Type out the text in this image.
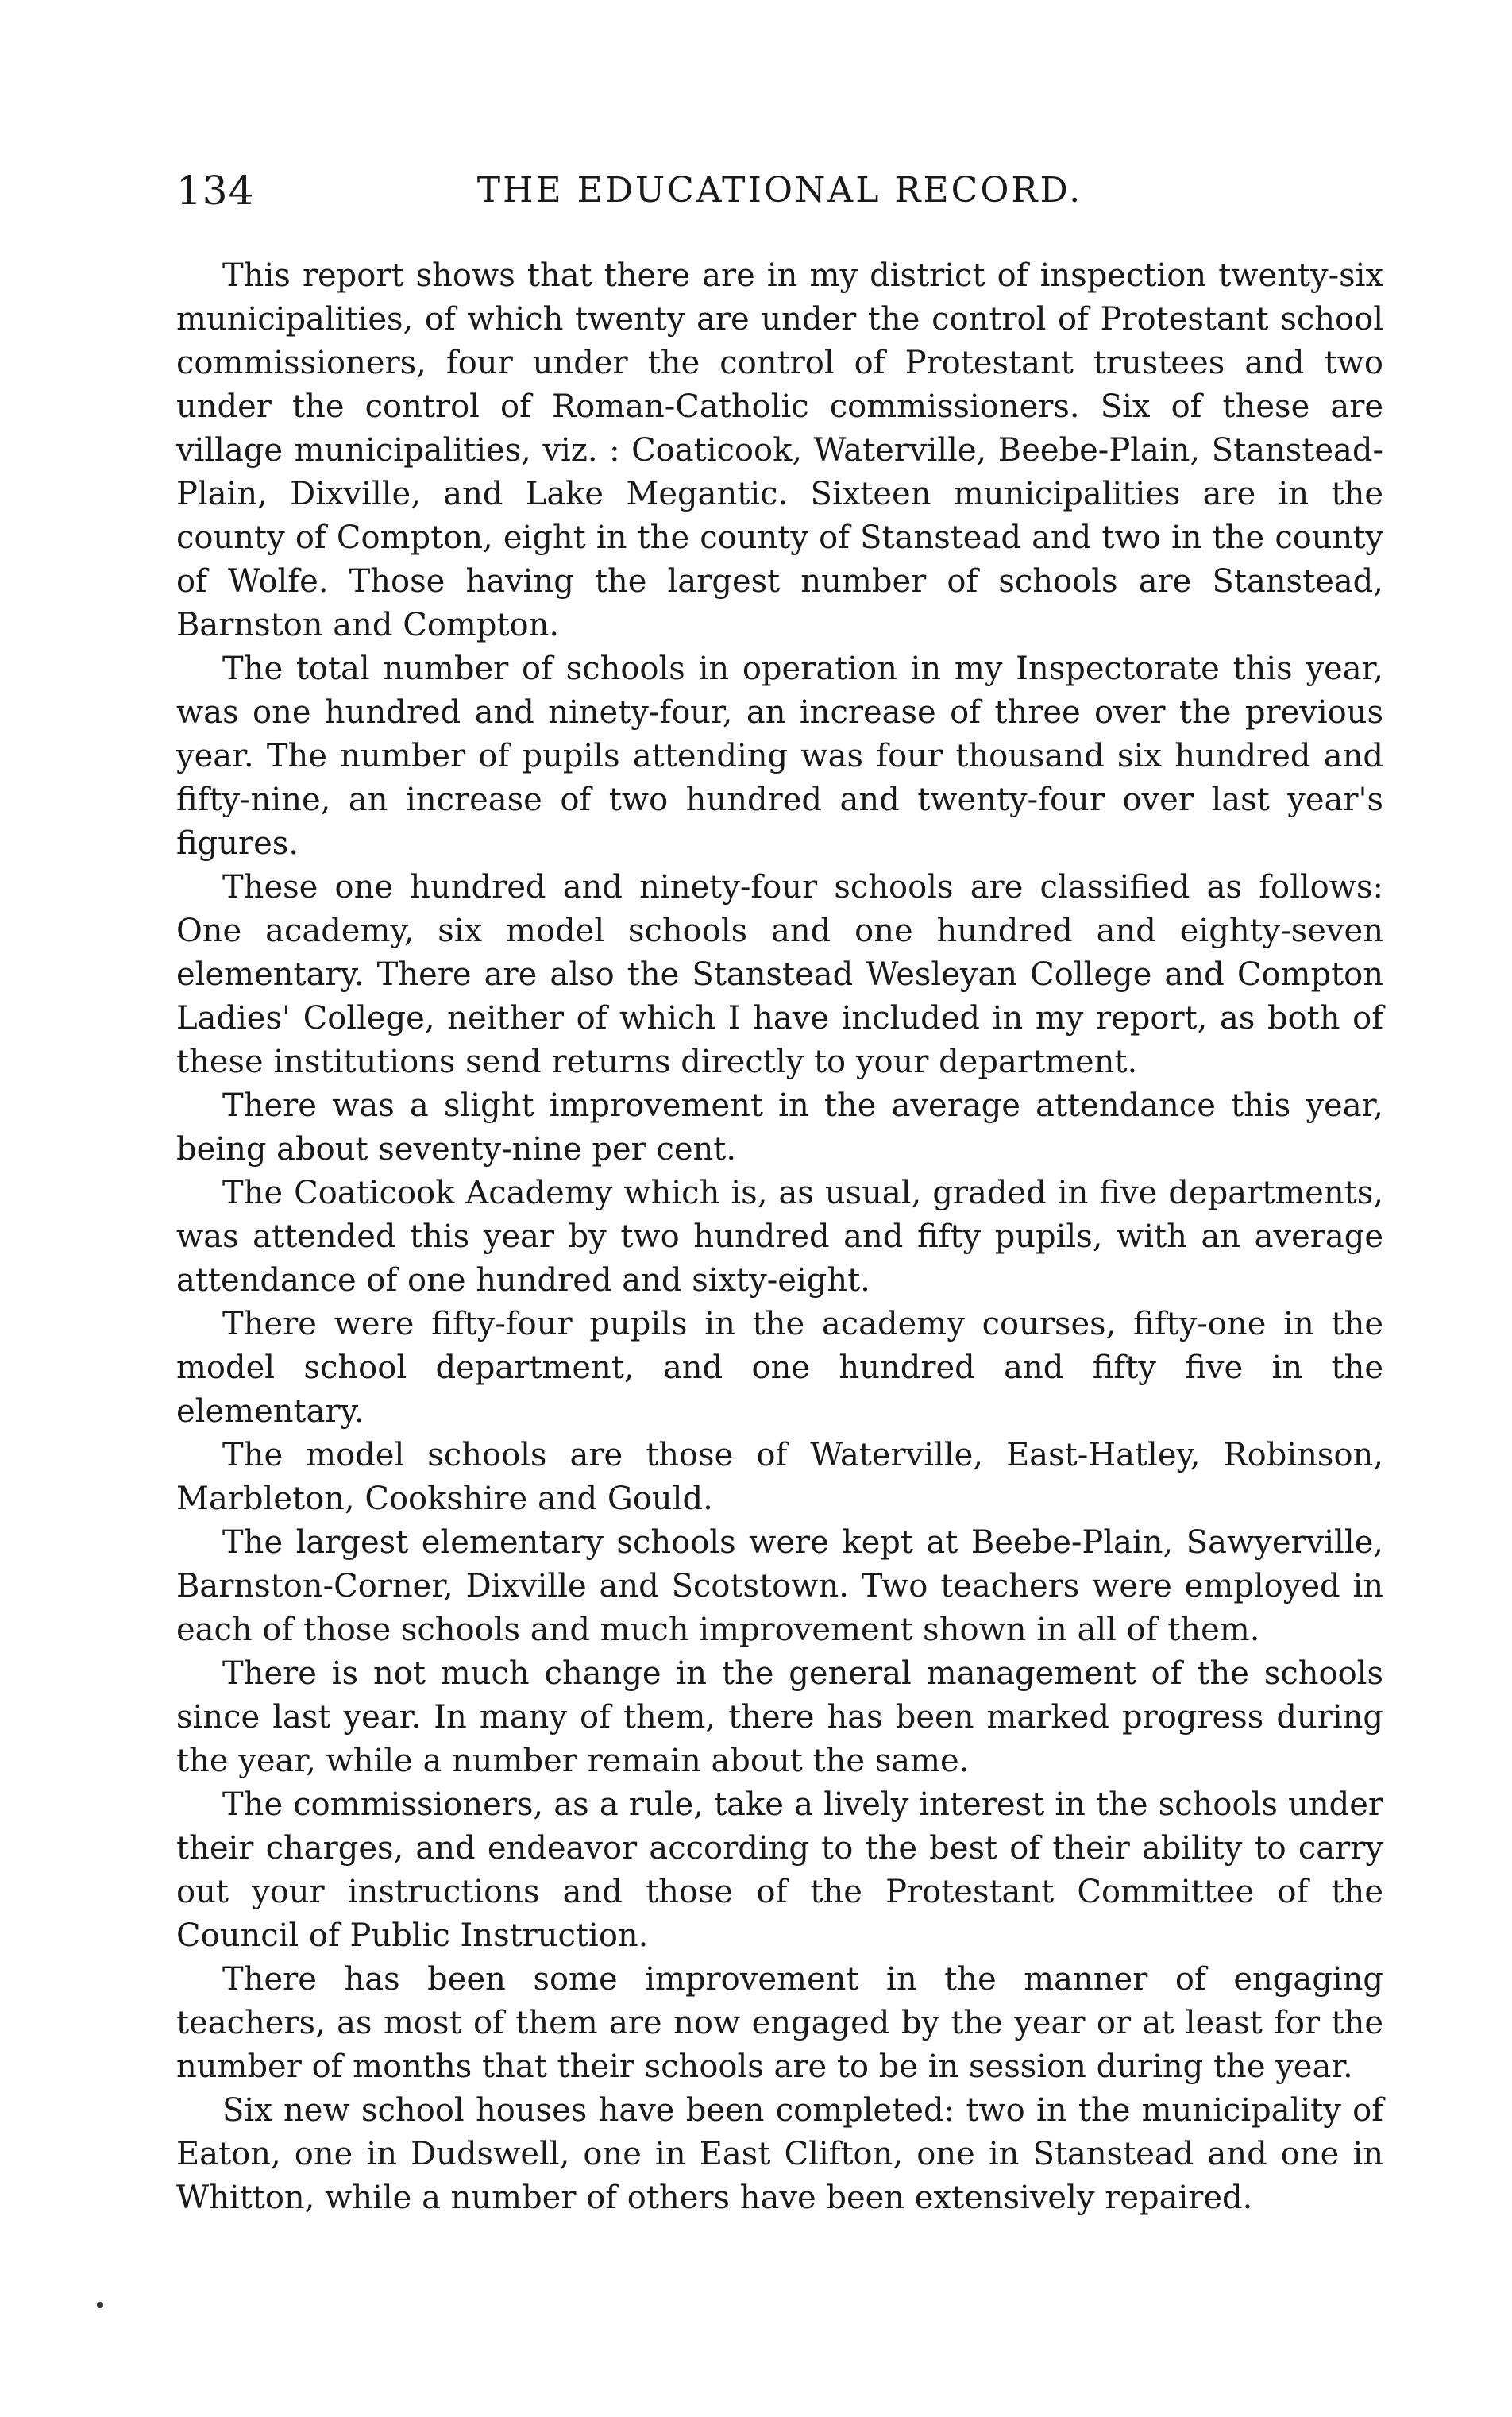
134	THE EDUCATIONAL RECORD.

This report shows that there are in my district of inspection twenty-six municipalities, of which twenty are under the control of Protestant school commissioners, four under the control of Protestant trustees and two under the control of Roman-Catholic commissioners. Six of these are village municipalities, viz. : Coaticook, Waterville, Beebe-Plain, Stanstead-Plain, Dixville, and Lake Megantic. Sixteen municipalities are in the county of Compton, eight in the county of Stanstead and two in the county of Wolfe. Those having the largest number of schools are Stanstead, Barnston and Compton.

The total number of schools in operation in my Inspectorate this year, was one hundred and ninety-four, an increase of three over the previous year. The number of pupils attending was four thousand six hundred and fifty-nine, an increase of two hundred and twenty-four over last year's figures.

These one hundred and ninety-four schools are classified as follows: One academy, six model schools and one hundred and eighty-seven elementary. There are also the Stanstead Wesleyan College and Compton Ladies' College, neither of which I have included in my report, as both of these institutions send returns directly to your department.

There was a slight improvement in the average attendance this year, being about seventy-nine per cent.

The Coaticook Academy which is, as usual, graded in five departments, was attended this year by two hundred and fifty pupils, with an average attendance of one hundred and sixty-eight.

There were fifty-four pupils in the academy courses, fifty-one in the model school department, and one hundred and fifty five in the elementary.

The model schools are those of Waterville, East-Hatley, Robinson, Marbleton, Cookshire and Gould.

The largest elementary schools were kept at Beebe-Plain, Sawyerville, Barnston-Corner, Dixville and Scotstown. Two teachers were employed in each of those schools and much improvement shown in all of them.

There is not much change in the general management of the schools since last year. In many of them, there has been marked progress during the year, while a number remain about the same.

The commissioners, as a rule, take a lively interest in the schools under their charges, and endeavor according to the best of their ability to carry out your instructions and those of the Protestant Committee of the Council of Public Instruction.

There has been some improvement in the manner of engaging teachers, as most of them are now engaged by the year or at least for the number of months that their schools are to be in session during the year.

Six new school houses have been completed: two in the municipality of Eaton, one in Dudswell, one in East Clifton, one in Stanstead and one in Whitton, while a number of others have been extensively repaired.
